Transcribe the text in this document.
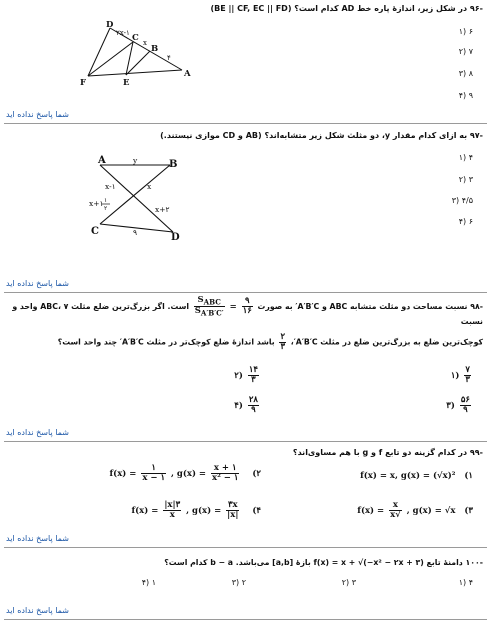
-۹۶ در شکل زیر، اندازهٔ پاره خط AD کدام است؟ (BE || CF, EC || FD)
D
C
B
A
F	E
۲x-۱
x
۴
۶ (۱
۷ (۲
۸ (۳
۹ (۴
شما پاسخ نداده اید
-۹۷ به ازای کدام مقدار y، دو مثلث شکل زیر متشابه‌اند؟ (AB و CD موازی نیستند.)
A	B
C
D
y
x-۱	x
x+۱ ۱
۲	x+۲
۹
۴ (۱
۳ (۲
۴/۵ (۳
۶ (۴
شما پاسخ نداده اید
-۹۸ نسبت مساحت دو مثلث متشابه ABC و A′B′C′ به صورت
$\frac{S_{ABC}}{S_{A'B'C'}} = \frac{۹}{۱۶}$
است. اگر بزرگ‌ترین ضلع مثلث ABC، ۷ واحد و نسبت
کوچک‌ترین ضلع به بزرگ‌ترین ضلع در مثلث A′B′C′،
$\frac{۲}{۳}$
باشد اندازهٔ ضلع کوچک‌تر در مثلث A′B′C′ چند واحد است؟
$\frac{۷}{۳}$
(۱
$\frac{۱۴}{۳}$
(۲
$\frac{۵۶}{۹}$
(۳
$\frac{۲۸}{۹}$
(۴
شما پاسخ نداده اید
-۹۹ در کدام گزینه دو تابع f و g با هم مساوی‌اند؟
f(x) = x, g(x) = (√x)² (۱
$f(x) = \frac{۱}{x - ۱}$ , $g(x) = \frac{x + ۱}{\text{x² − ۱}}$ (۲
$f(x) = \frac{x}{√x}$ , g(x) = √x (۳
$f(x) = \frac{۳|x|}{x}$ , $g(x) = \frac{۳x}{|x|}$ (۴
شما پاسخ نداده اید
-۱۰۰ دامنهٔ تابع f(x) = x + √(−x² − ۲x + ۳) بازهٔ [a,b] می‌باشد. b − a کدام است؟
۴ (۱
۳ (۲
۲ (۳
۱ (۴
شما پاسخ نداده اید
